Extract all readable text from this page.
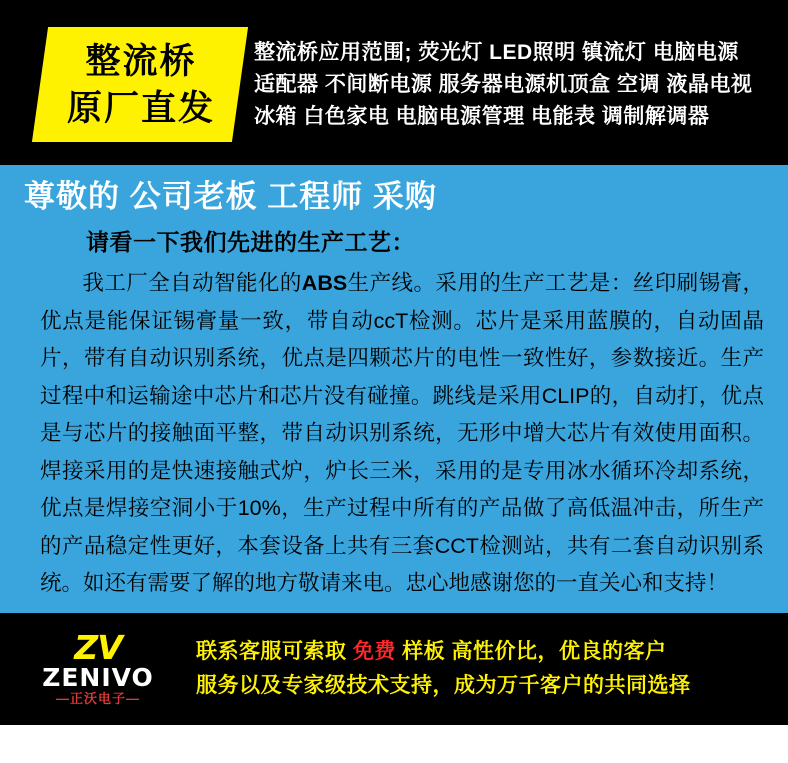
整流桥
原厂直发
整流桥应用范围; 荧光灯 LED照明 镇流灯 电脑电源
适配器 不间断电源 服务器电源机顶盒 空调 液晶电视
冰箱 白色家电 电脑电源管理 电能表 调制解调器
尊敬的 公司老板 工程师 采购
请看一下我们先进的生产工艺：
我工厂全自动智能化的ABS生产线。采用的生产工艺是：丝印刷锡膏，优点是能保证锡膏量一致，带自动ccT检测。芯片是采用蓝膜的，自动固晶片，带有自动识别系统，优点是四颗芯片的电性一致性好，参数接近。生产过程中和运输途中芯片和芯片没有碰撞。跳线是采用CLIP的，自动打，优点是与芯片的接触面平整，带自动识别系统，无形中增大芯片有效使用面积。焊接采用的是快速接触式炉，炉长三米，采用的是专用冰水循环冷却系统，优点是焊接空洞小于10%，生产过程中所有的产品做了高低温冲击，所生产的产品稳定性更好，本套设备上共有三套CCT检测站，共有二套自动识别系统。如还有需要了解的地方敬请来电。忠心地感谢您的一直关心和支持！
ZV
ZENIVO
—正沃电子—
联系客服可索取 免费 样板 高性价比，优良的客户
服务以及专家级技术支持，成为万千客户的共同选择
